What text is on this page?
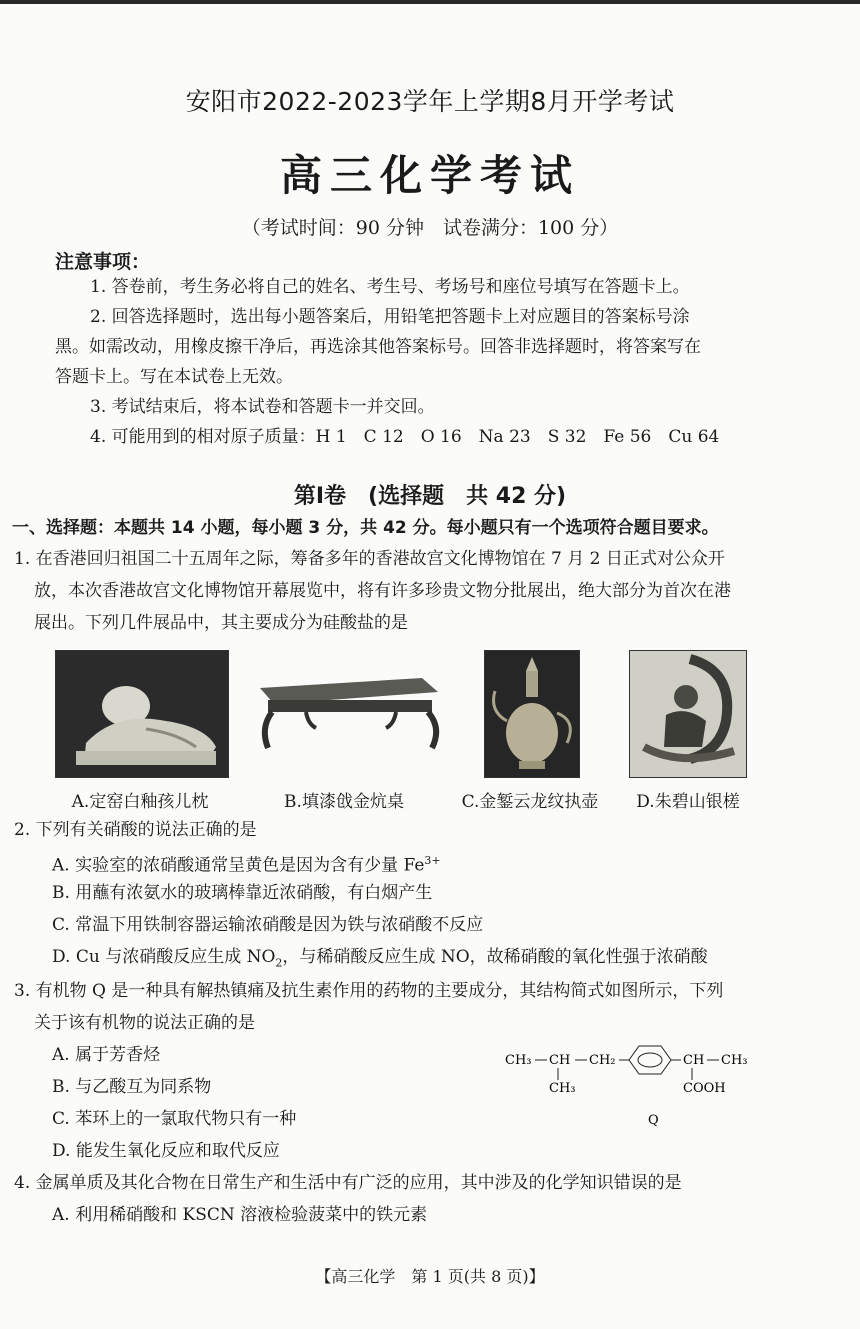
安阳市2022-2023学年上学期8月开学考试
高三化学考试
（考试时间：90 分钟　试卷满分：100 分）
注意事项：
1. 答卷前，考生务必将自己的姓名、考生号、考场号和座位号填写在答题卡上。
2. 回答选择题时，选出每小题答案后，用铅笔把答题卡上对应题目的答案标号涂
黑。如需改动，用橡皮擦干净后，再选涂其他答案标号。回答非选择题时，将答案写在
答题卡上。写在本试卷上无效。
3. 考试结束后，将本试卷和答题卡一并交回。
4. 可能用到的相对原子质量：H 1　C 12　O 16　Na 23　S 32　Fe 56　Cu 64
第Ⅰ卷　(选择题　共 42 分)
一、选择题：本题共 14 小题，每小题 3 分，共 42 分。每小题只有一个选项符合题目要求。
1. 在香港回归祖国二十五周年之际，筹备多年的香港故宫文化博物馆在 7 月 2 日正式对公众开
放，本次香港故宫文化博物馆开幕展览中，将有许多珍贵文物分批展出，绝大部分为首次在港
展出。下列几件展品中，其主要成分为硅酸盐的是
A.定窑白釉孩儿枕	B.填漆戗金炕桌	C.金錾云龙纹执壶	D.朱碧山银槎
2. 下列有关硝酸的说法正确的是
A. 实验室的浓硝酸通常呈黄色是因为含有少量 $Fe^{3+}$
B. 用蘸有浓氨水的玻璃棒靠近浓硝酸，有白烟产生
C. 常温下用铁制容器运输浓硝酸是因为铁与浓硝酸不反应
D. Cu 与浓硝酸反应生成 $NO_2$，与稀硝酸反应生成 NO，故稀硝酸的氧化性强于浓硝酸
3. 有机物 Q 是一种具有解热镇痛及抗生素作用的药物的主要成分，其结构简式如图所示，下列
关于该有机物的说法正确的是
A. 属于芳香烃
B. 与乙酸互为同系物
C. 苯环上的一氯取代物只有一种
D. 能发生氧化反应和取代反应
CH₃ CH CH₂
CH₃
CH CH₃
COOH
Q
4. 金属单质及其化合物在日常生产和生活中有广泛的应用，其中涉及的化学知识错误的是
A. 利用稀硝酸和 KSCN 溶液检验菠菜中的铁元素
【高三化学　第 1 页(共 8 页)】
